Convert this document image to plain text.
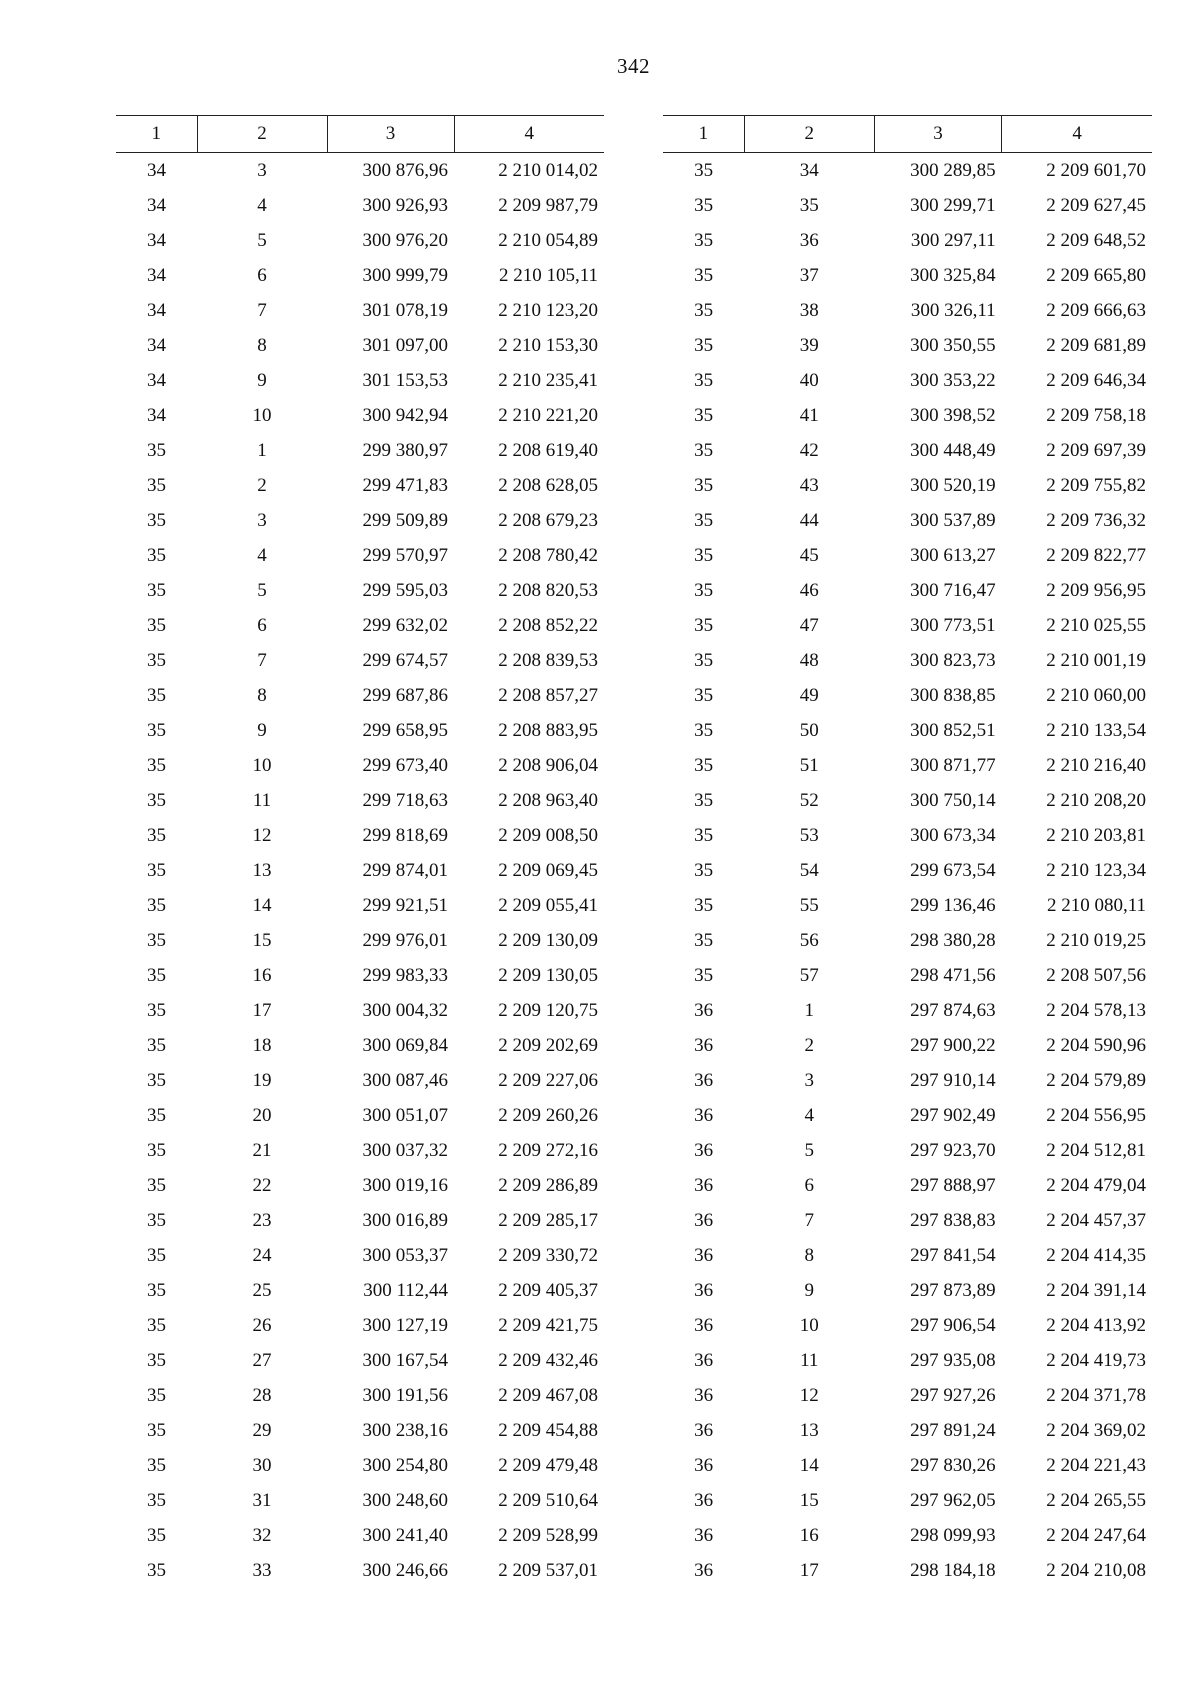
342
1	2	3	4
34	3	300 876,96	2 210 014,02
34	4	300 926,93	2 209 987,79
34	5	300 976,20	2 210 054,89
34	6	300 999,79	2 210 105,11
34	7	301 078,19	2 210 123,20
34	8	301 097,00	2 210 153,30
34	9	301 153,53	2 210 235,41
34	10	300 942,94	2 210 221,20
35	1	299 380,97	2 208 619,40
35	2	299 471,83	2 208 628,05
35	3	299 509,89	2 208 679,23
35	4	299 570,97	2 208 780,42
35	5	299 595,03	2 208 820,53
35	6	299 632,02	2 208 852,22
35	7	299 674,57	2 208 839,53
35	8	299 687,86	2 208 857,27
35	9	299 658,95	2 208 883,95
35	10	299 673,40	2 208 906,04
35	11	299 718,63	2 208 963,40
35	12	299 818,69	2 209 008,50
35	13	299 874,01	2 209 069,45
35	14	299 921,51	2 209 055,41
35	15	299 976,01	2 209 130,09
35	16	299 983,33	2 209 130,05
35	17	300 004,32	2 209 120,75
35	18	300 069,84	2 209 202,69
35	19	300 087,46	2 209 227,06
35	20	300 051,07	2 209 260,26
35	21	300 037,32	2 209 272,16
35	22	300 019,16	2 209 286,89
35	23	300 016,89	2 209 285,17
35	24	300 053,37	2 209 330,72
35	25	300 112,44	2 209 405,37
35	26	300 127,19	2 209 421,75
35	27	300 167,54	2 209 432,46
35	28	300 191,56	2 209 467,08
35	29	300 238,16	2 209 454,88
35	30	300 254,80	2 209 479,48
35	31	300 248,60	2 209 510,64
35	32	300 241,40	2 209 528,99
35	33	300 246,66	2 209 537,01
1	2	3	4
35	34	300 289,85	2 209 601,70
35	35	300 299,71	2 209 627,45
35	36	300 297,11	2 209 648,52
35	37	300 325,84	2 209 665,80
35	38	300 326,11	2 209 666,63
35	39	300 350,55	2 209 681,89
35	40	300 353,22	2 209 646,34
35	41	300 398,52	2 209 758,18
35	42	300 448,49	2 209 697,39
35	43	300 520,19	2 209 755,82
35	44	300 537,89	2 209 736,32
35	45	300 613,27	2 209 822,77
35	46	300 716,47	2 209 956,95
35	47	300 773,51	2 210 025,55
35	48	300 823,73	2 210 001,19
35	49	300 838,85	2 210 060,00
35	50	300 852,51	2 210 133,54
35	51	300 871,77	2 210 216,40
35	52	300 750,14	2 210 208,20
35	53	300 673,34	2 210 203,81
35	54	299 673,54	2 210 123,34
35	55	299 136,46	2 210 080,11
35	56	298 380,28	2 210 019,25
35	57	298 471,56	2 208 507,56
36	1	297 874,63	2 204 578,13
36	2	297 900,22	2 204 590,96
36	3	297 910,14	2 204 579,89
36	4	297 902,49	2 204 556,95
36	5	297 923,70	2 204 512,81
36	6	297 888,97	2 204 479,04
36	7	297 838,83	2 204 457,37
36	8	297 841,54	2 204 414,35
36	9	297 873,89	2 204 391,14
36	10	297 906,54	2 204 413,92
36	11	297 935,08	2 204 419,73
36	12	297 927,26	2 204 371,78
36	13	297 891,24	2 204 369,02
36	14	297 830,26	2 204 221,43
36	15	297 962,05	2 204 265,55
36	16	298 099,93	2 204 247,64
36	17	298 184,18	2 204 210,08
